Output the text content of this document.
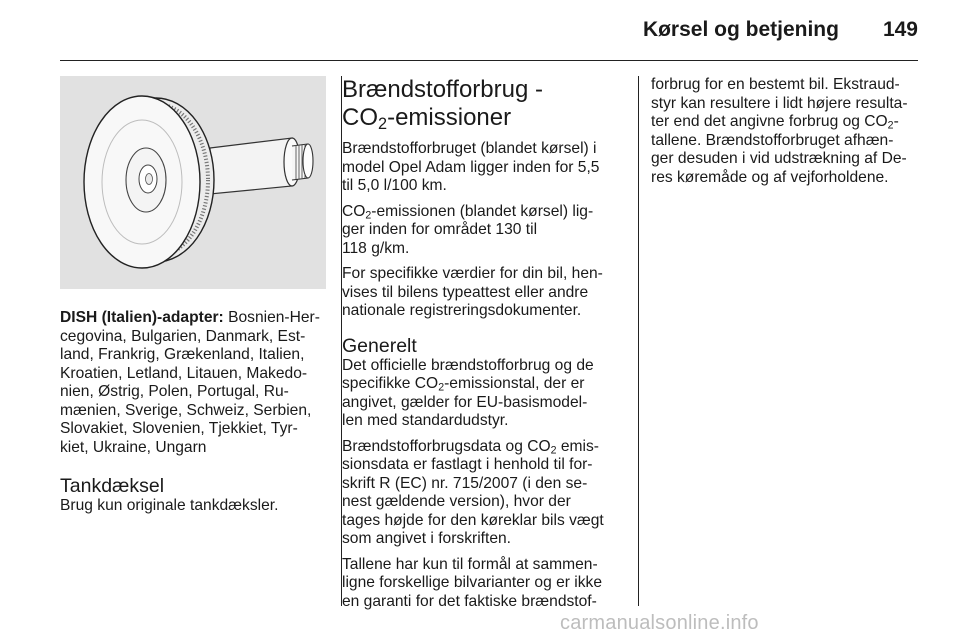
Kørsel og betjening 149

DISH (Italien)-adapter: Bosnien-Her-
cegovina, Bulgarien, Danmark, Est-
land, Frankrig, Grækenland, Italien,
Kroatien, Letland, Litauen, Makedo-
nien, Østrig, Polen, Portugal, Ru-
mænien, Sverige, Schweiz, Serbien,
Slovakiet, Slovenien, Tjekkiet, Tyr-
kiet, Ukraine, Ungarn

Tankdæksel

Brug kun originale tankdæksler.

Brændstofforbrug -
$CO_2$-emissioner

Brændstofforbruget (blandet kørsel) i
model Opel Adam ligger inden for 5,5
til 5,0 l/100 km.

$CO_2$-emissionen (blandet kørsel) lig-
ger inden for området 130 til
118 g/km.

For specifikke værdier for din bil, hen-
vises til bilens typeattest eller andre
nationale registreringsdokumenter.

Generelt

Det officielle brændstofforbrug og de
specifikke $CO_2$-emissionstal, der er
angivet, gælder for EU-basismodel-
len med standardudstyr.

Brændstofforbrugsdata og $CO_2$ emis-
sionsdata er fastlagt i henhold til for-
skrift R (EC) nr. 715/2007 (i den se-
nest gældende version), hvor der
tages højde for den køreklar bils vægt
som angivet i forskriften.

Tallene har kun til formål at sammen-
ligne forskellige bilvarianter og er ikke
en garanti for det faktiske brændstof-

forbrug for en bestemt bil. Ekstraud-
styr kan resultere i lidt højere resulta-
ter end det angivne forbrug og $CO_2-$
tallene. Brændstofforbruget afhæn-
ger desuden i vid udstrækning af De-
res køremåde og af vejforholdene.

carmanualsonline.info
